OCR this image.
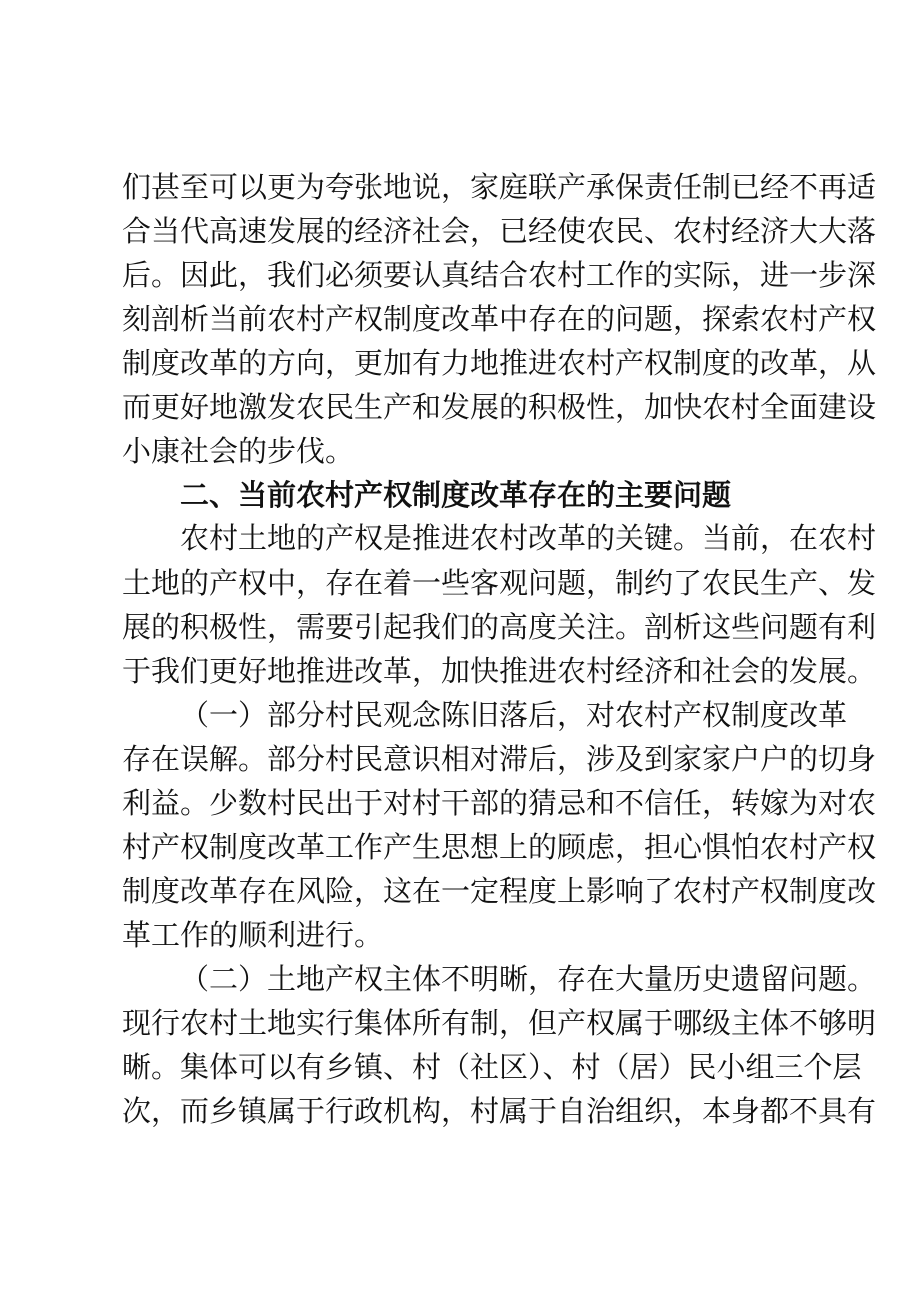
们甚至可以更为夸张地说，家庭联产承保责任制已经不再适
合当代高速发展的经济社会，已经使农民、农村经济大大落
后。因此，我们必须要认真结合农村工作的实际，进一步深
刻剖析当前农村产权制度改革中存在的问题，探索农村产权
制度改革的方向，更加有力地推进农村产权制度的改革，从
而更好地激发农民生产和发展的积极性，加快农村全面建设
小康社会的步伐。
二、当前农村产权制度改革存在的主要问题
农村土地的产权是推进农村改革的关键。当前，在农村
土地的产权中，存在着一些客观问题，制约了农民生产、发
展的积极性，需要引起我们的高度关注。剖析这些问题有利
于我们更好地推进改革，加快推进农村经济和社会的发展。
（一）部分村民观念陈旧落后，对农村产权制度改革
存在误解。部分村民意识相对滞后，涉及到家家户户的切身
利益。少数村民出于对村干部的猜忌和不信任，转嫁为对农
村产权制度改革工作产生思想上的顾虑，担心惧怕农村产权
制度改革存在风险，这在一定程度上影响了农村产权制度改
革工作的顺利进行。
（二）土地产权主体不明晰，存在大量历史遗留问题。
现行农村土地实行集体所有制，但产权属于哪级主体不够明
晰。集体可以有乡镇、村（社区）、村（居）民小组三个层
次，而乡镇属于行政机构，村属于自治组织，本身都不具有
